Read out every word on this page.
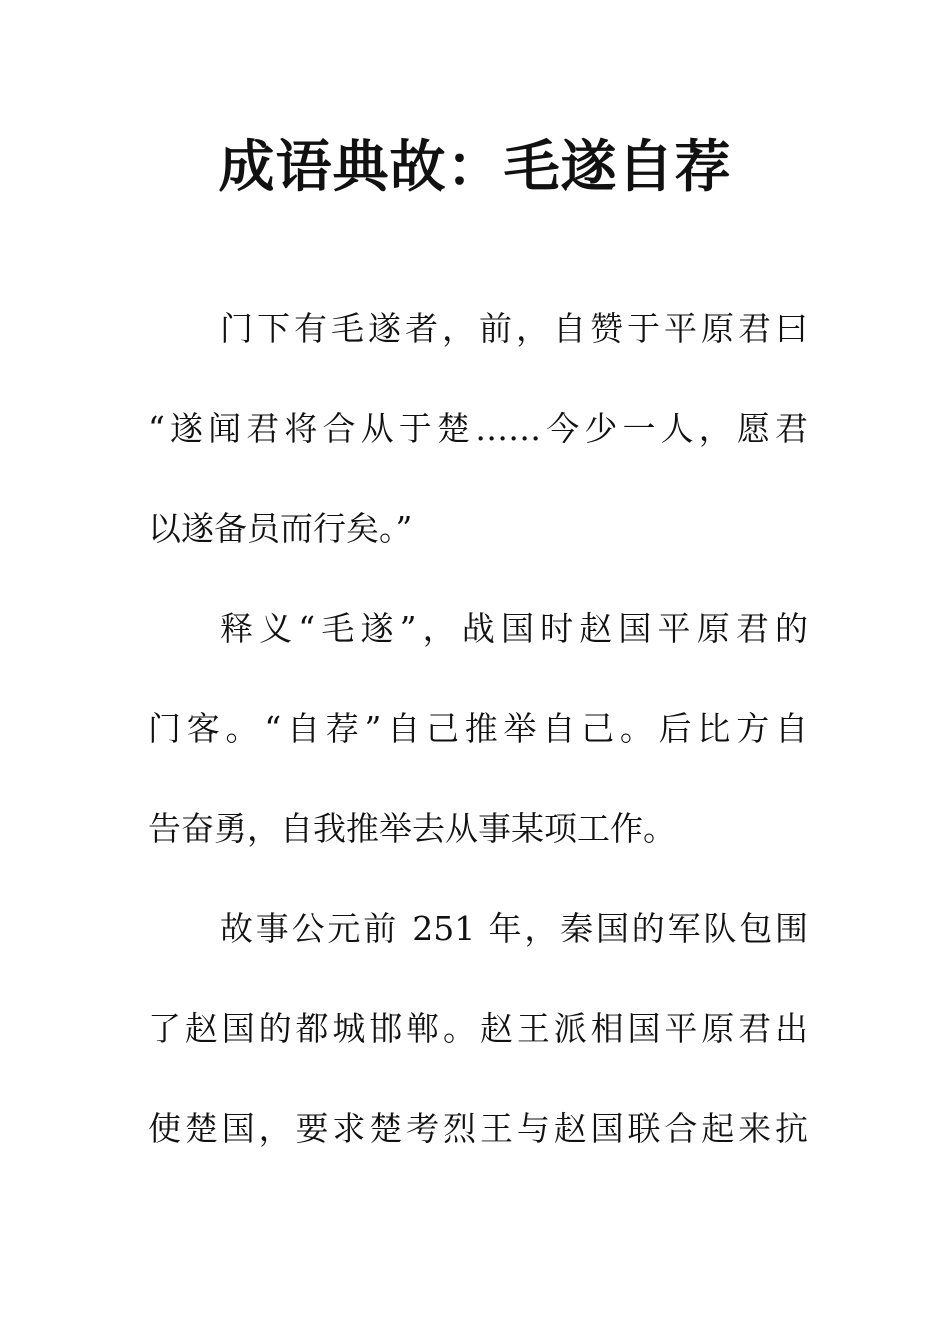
成语典故：毛遂自荐
门下有毛遂者，前，自赞于平原君曰
“遂闻君将合从于楚……今少一人，愿君
以遂备员而行矣。”
释义“毛遂”，战国时赵国平原君的
门客。“自荐”自己推举自己。后比方自
告奋勇，自我推举去从事某项工作。
故事公元前 251 年，秦国的军队包围
了赵国的都城邯郸。赵王派相国平原君出
使楚国，要求楚考烈王与赵国联合起来抗
